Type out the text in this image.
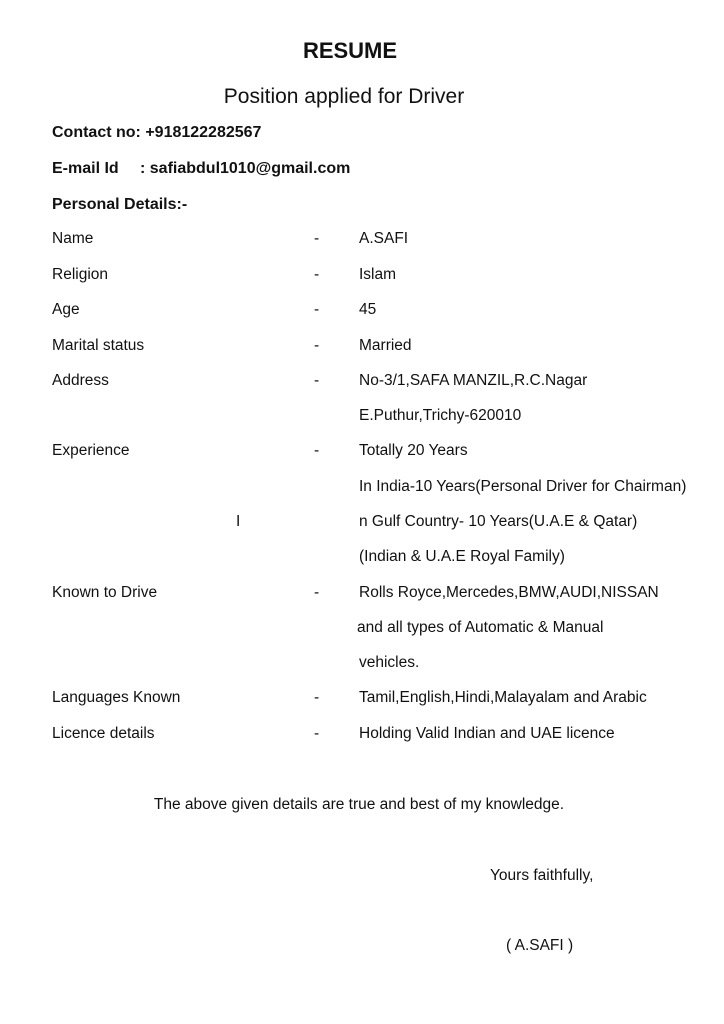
RESUME
Position applied for Driver
Contact no: +918122282567
E-mail Id : safiabdul1010@gmail.com
Personal Details:-
Name	-	A.SAFI
Religion	-	Islam
Age	-	45
Marital status	-	Married
Address	-	No-3/1,SAFA MANZIL,R.C.Nagar
E.Puthur,Trichy-620010
Experience	-	Totally 20 Years
In India-10 Years(Personal Driver for Chairman)
I	n Gulf Country- 10 Years(U.A.E & Qatar)
(Indian & U.A.E Royal Family)
Known to Drive	-	Rolls Royce,Mercedes,BMW,AUDI,NISSAN
and all types of Automatic & Manual
vehicles.
Languages Known	-	Tamil,English,Hindi,Malayalam and Arabic
Licence details	-	Holding Valid Indian and UAE licence
The above given details are true and best of my knowledge.
Yours faithfully,
( A.SAFI )
